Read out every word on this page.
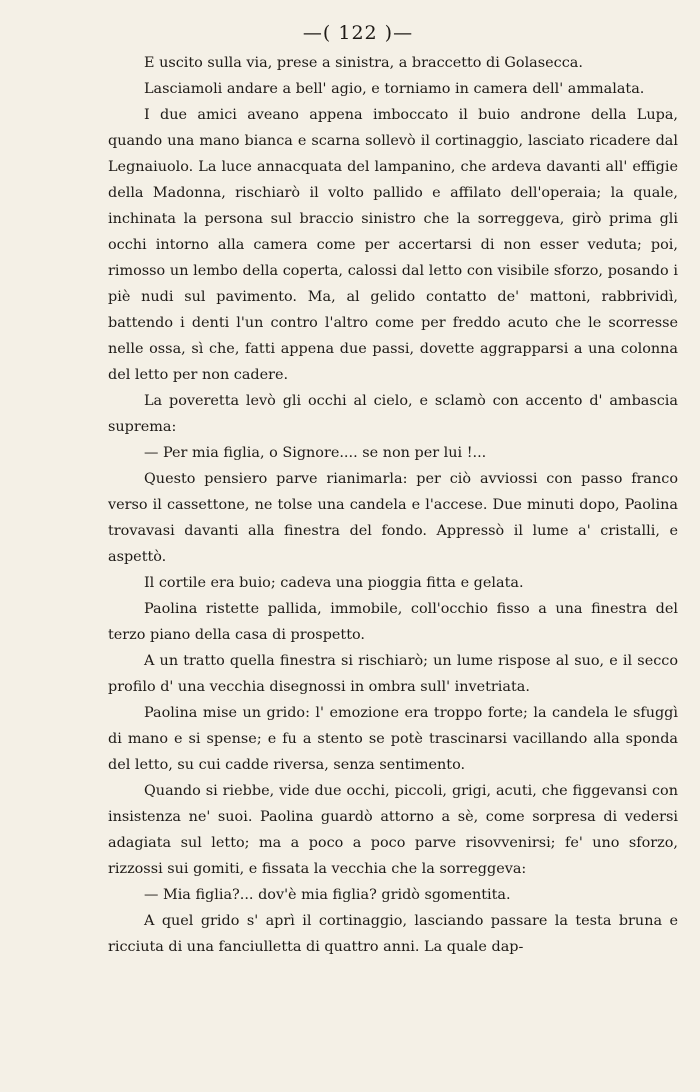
—( 122 )—

E uscito sulla via, prese a sinistra, a braccetto di Golasecca.

Lasciamoli andare a bell' agio, e torniamo in camera dell' ammalata.

I due amici aveano appena imboccato il buio androne della Lupa, quando una mano bianca e scarna sollevò il cortinaggio, lasciato ricadere dal Legnaiuolo. La luce annacquata del lampanino, che ardeva davanti all' effigie della Madonna, rischiarò il volto pallido e affilato dell'operaia; la quale, inchinata la persona sul braccio sinistro che la sorreggeva, girò prima gli occhi intorno alla camera come per accertarsi di non esser veduta; poi, rimosso un lembo della coperta, calossi dal letto con visibile sforzo, posando i piè nudi sul pavimento. Ma, al gelido contatto de' mattoni, rabbrividì, battendo i denti l'un contro l'altro come per freddo acuto che le scorresse nelle ossa, sì che, fatti appena due passi, dovette aggrapparsi a una colonna del letto per non cadere.

La poveretta levò gli occhi al cielo, e sclamò con accento d' ambascia suprema:

— Per mia figlia, o Signore.... se non per lui !...

Questo pensiero parve rianimarla: per ciò avviossi con passo franco verso il cassettone, ne tolse una candela e l'accese. Due minuti dopo, Paolina trovavasi davanti alla finestra del fondo. Appressò il lume a' cristalli, e aspettò.

Il cortile era buio; cadeva una pioggia fitta e gelata.

Paolina ristette pallida, immobile, coll'occhio fisso a una finestra del terzo piano della casa di prospetto.

A un tratto quella finestra si rischiarò; un lume rispose al suo, e il secco profilo d' una vecchia disegnossi in ombra sull' invetriata.

Paolina mise un grido: l' emozione era troppo forte; la candela le sfuggì di mano e si spense; e fu a stento se potè trascinarsi vacillando alla sponda del letto, su cui cadde riversa, senza sentimento.

Quando si riebbe, vide due occhi, piccoli, grigi, acuti, che figgevansi con insistenza ne' suoi. Paolina guardò attorno a sè, come sorpresa di vedersi adagiata sul letto; ma a poco a poco parve risovvenirsi; fe' uno sforzo, rizzossi sui gomiti, e fissata la vecchia che la sorreggeva:

— Mia figlia?... dov'è mia figlia? gridò sgomentita.

A quel grido s' aprì il cortinaggio, lasciando passare la testa bruna e ricciuta di una fanciulletta di quattro anni. La quale dap-
